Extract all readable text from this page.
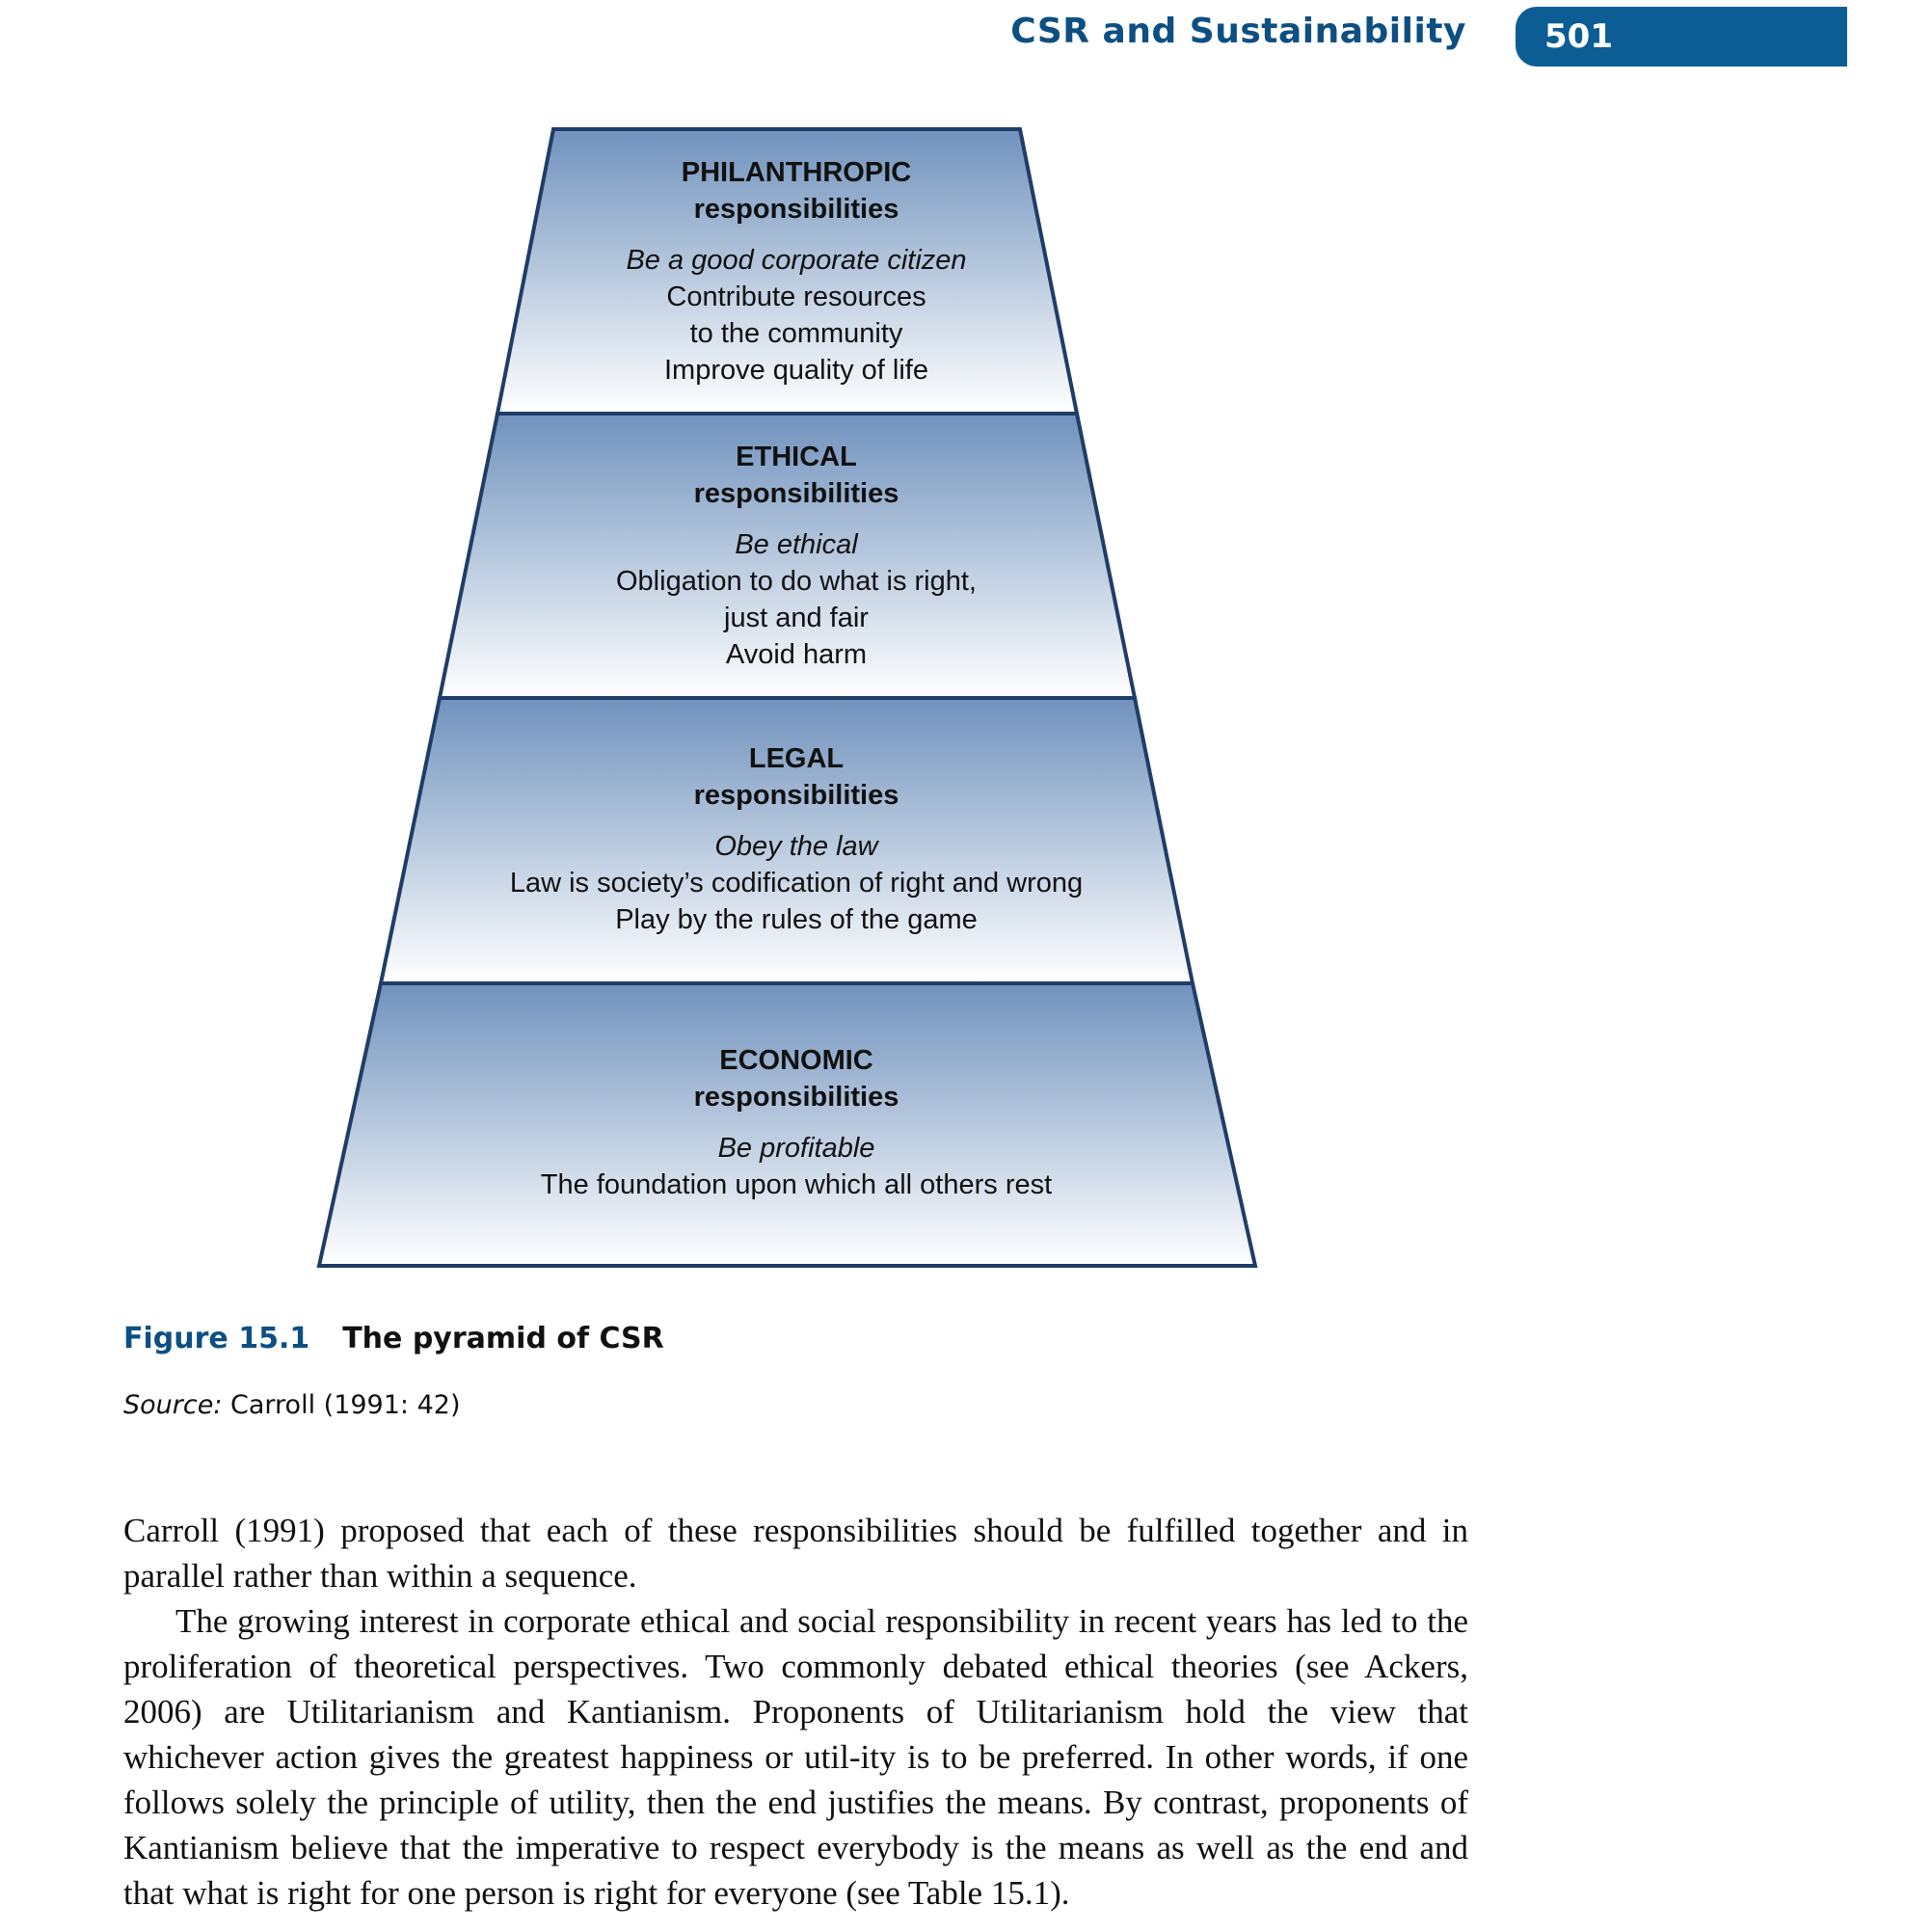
CSR and Sustainability 501
PHILANTHROPIC
responsibilities
Be a good corporate citizen
Contribute resources
to the community
Improve quality of life
ETHICAL
responsibilities
Be ethical
Obligation to do what is right,
just and fair
Avoid harm
LEGAL
responsibilities
Obey the law
Law is society’s codification of right and wrong
Play by the rules of the game
ECONOMIC
responsibilities
Be profitable
The foundation upon which all others rest
Figure 15.1 The pyramid of CSR
Source: Carroll (1991: 42)

Carroll (1991) proposed that each of these responsibilities should be fulfilled together and in parallel rather than within a sequence.

The growing interest in corporate ethical and social responsibility in recent years has led to the proliferation of theoretical perspectives. Two commonly debated ethical theories (see Ackers, 2006) are Utilitarianism and Kantianism. Proponents of Utilitarianism hold the view that whichever action gives the greatest happiness or util-ity is to be preferred. In other words, if one follows solely the principle of utility, then the end justifies the means. By contrast, proponents of Kantianism believe that the imperative to respect everybody is the means as well as the end and that what is right for one person is right for everyone (see Table 15.1).
